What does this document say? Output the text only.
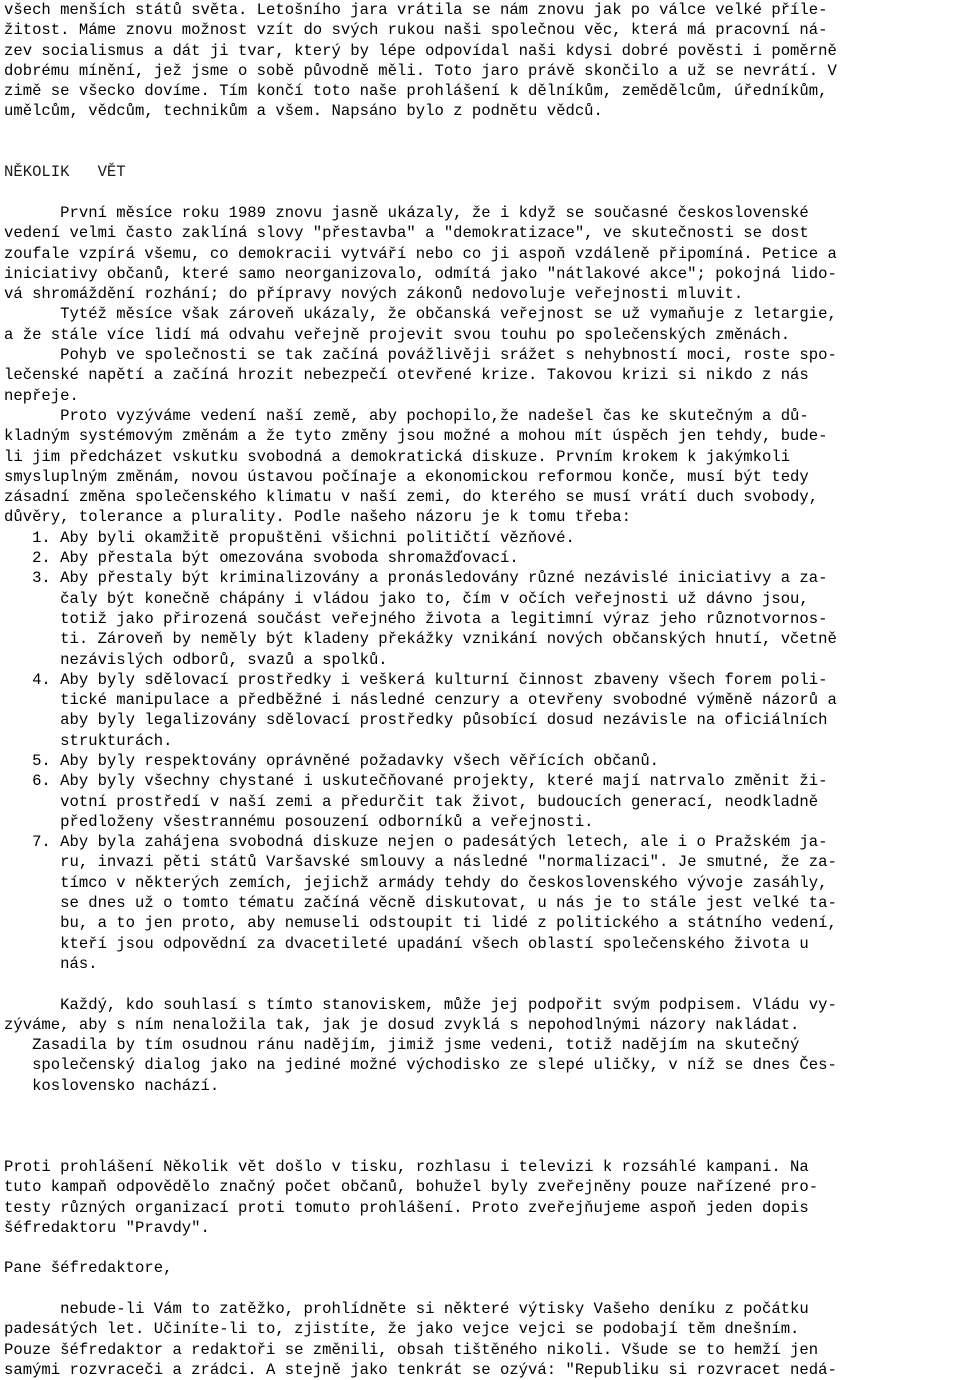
všech menších států světa. Letošního jara vrátila se nám znovu jak po válce velké příle-
žitost. Máme znovu možnost vzít do svých rukou naši společnou věc, která má pracovní ná-
zev socialismus a dát ji tvar, který by lépe odpovídal naši kdysi dobré pověsti i poměrně
dobrému mínění, jež jsme o sobě původně měli. Toto jaro právě skončilo a už se nevrátí. V
zimě se všecko dovíme. Tím končí toto naše prohlášení k dělníkům, zemědělcům, úředníkům,
umělcům, vědcům, technikům a všem. Napsáno bylo z podnětu vědců.
NĚKOLIK   VĚT
První měsíce roku 1989 znovu jasně ukázaly, že i když se současné československé
vedení velmi často zaklíná slovy "přestavba" a "demokratizace", ve skutečnosti se dost
zoufale vzpírá všemu, co demokracii vytváří nebo co ji aspoň vzdáleně připomíná. Petice a
iniciativy občanů, které samo neorganizovalo, odmítá jako "nátlakové akce"; pokojná lido-
vá shromáždění rozhání; do přípravy nových zákonů nedovoluje veřejnosti mluvit.
Tytéž měsíce však zároveň ukázaly, že občanská veřejnost se už vymaňuje z letargie,
a že stále více lidí má odvahu veřejně projevit svou touhu po společenských změnách.
Pohyb ve společnosti se tak začíná povážlivěji srážet s nehybností moci, roste spo-
lečenské napětí a začíná hrozit nebezpečí otevřené krize. Takovou krizi si nikdo z nás
nepřeje.
Proto vyzýváme vedení naší země, aby pochopilo,že nadešel čas ke skutečným a dů-
kladným systémovým změnám a že tyto změny jsou možné a mohou mít úspěch jen tehdy, bude-
li jim předcházet vskutku svobodná a demokratická diskuze. Prvním krokem k jakýmkoli
smysluplným změnám, novou ústavou počínaje a ekonomickou reformou konče, musí být tedy
zásadní změna společenského klimatu v naší zemi, do kterého se musí vrátí duch svobody,
důvěry, tolerance a plurality. Podle našeho názoru je k tomu třeba:
1. Aby byli okamžitě propuštěni všichni političtí vězňové.
2. Aby přestala být omezována svoboda shromažďovací.
3. Aby přestaly být kriminalizovány a pronásledovány různé nezávislé iniciativy a za-
čaly být konečně chápány i vládou jako to, čím v očích veřejnosti už dávno jsou,
totiž jako přirozená součást veřejného života a legitimní výraz jeho různotvornos-
ti. Zároveň by neměly být kladeny překážky vznikání nových občanských hnutí, včetně
nezávislých odborů, svazů a spolků.
4. Aby byly sdělovací prostředky i veškerá kulturní činnost zbaveny všech forem poli-
tické manipulace a předběžné i následné cenzury a otevřeny svobodné výměně názorů a
aby byly legalizovány sdělovací prostředky působící dosud nezávisle na oficiálních
strukturách.
5. Aby byly respektovány oprávněné požadavky všech věřících občanů.
6. Aby byly všechny chystané i uskutečňované projekty, které mají natrvalo změnit ži-
votní prostředí v naší zemi a předurčit tak život, budoucích generací, neodkladně
předloženy všestrannému posouzení odborníků a veřejnosti.
7. Aby byla zahájena svobodná diskuze nejen o padesátých letech, ale i o Pražském ja-
ru, invazi pěti států Varšavské smlouvy a následné "normalizaci". Je smutné, že za-
tímco v některých zemích, jejichž armády tehdy do československého vývoje zasáhly,
se dnes už o tomto tématu začíná věcně diskutovat, u nás je to stále jest velké ta-
bu, a to jen proto, aby nemuseli odstoupit ti lidé z politického a státního vedení,
kteří jsou odpovědní za dvacetileté upadání všech oblastí společenského života u
nás.
Každý, kdo souhlasí s tímto stanoviskem, může jej podpořit svým podpisem. Vládu vy-
zýváme, aby s ním nenaložila tak, jak je dosud zvyklá s nepohodlnými názory nakládat.
Zasadila by tím osudnou ránu nadějím, jimiž jsme vedeni, totiž nadějím na skutečný
společenský dialog jako na jediné možné východisko ze slepé uličky, v níž se dnes Čes-
koslovensko nachází.
Proti prohlášení Několik vět došlo v tisku, rozhlasu i televizi k rozsáhlé kampani. Na
tuto kampaň odpovědělo značný počet občanů, bohužel byly zveřejněny pouze nařízené pro-
testy různých organizací proti tomuto prohlášení. Proto zveřejňujeme aspoň jeden dopis
šéfredaktoru "Pravdy".
Pane šéfredaktore,
nebude-li Vám to zatěžko, prohlídněte si některé výtisky Vašeho deníku z počátku
padesátých let. Učiníte-li to, zjistíte, že jako vejce vejci se podobají těm dnešním.
Pouze šéfredaktor a redaktoři se změnili, obsah tištěného nikoli. Všude se to hemží jen
samými rozvraceči a zrádci. A stejně jako tenkrát se ozývá: "Republiku si rozvracet nedá-
